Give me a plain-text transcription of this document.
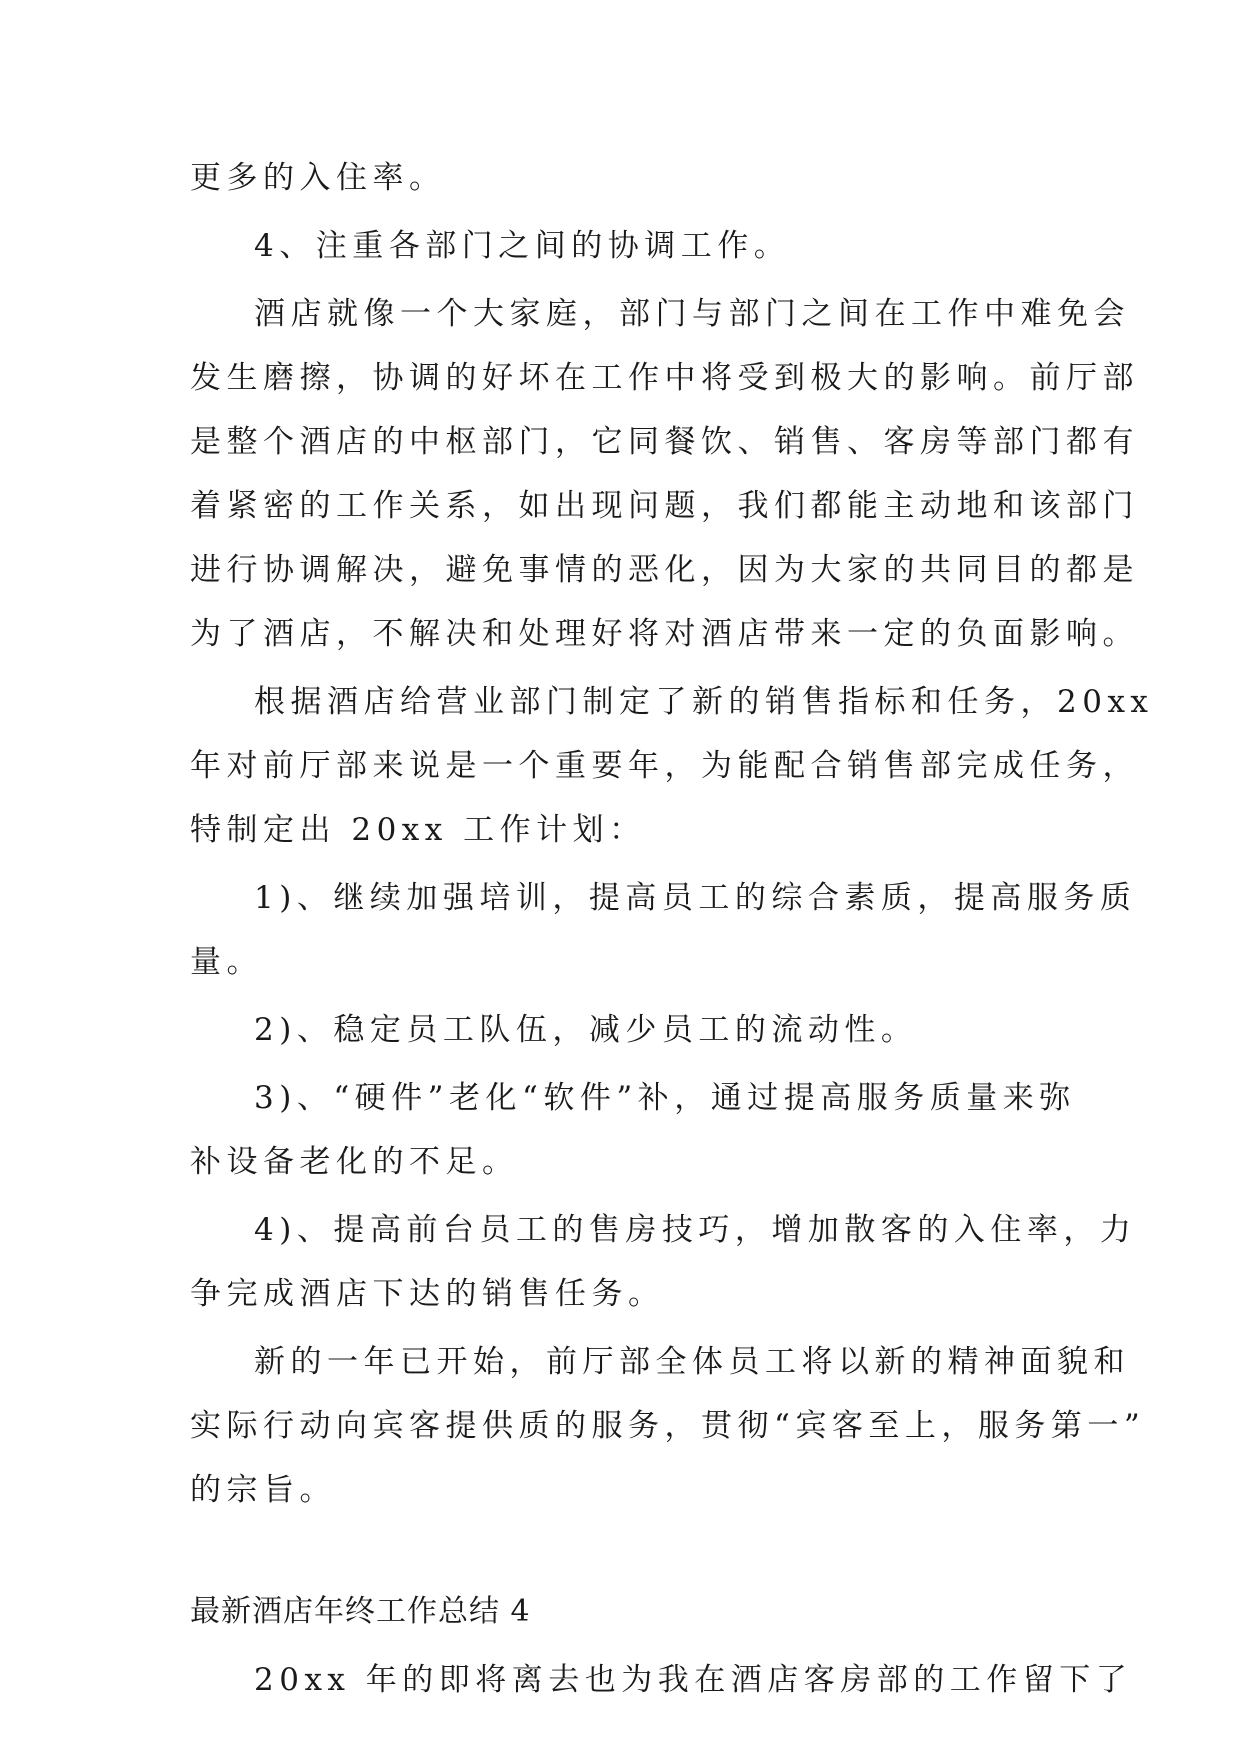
更多的入住率。

4、注重各部门之间的协调工作。

酒店就像一个大家庭，部门与部门之间在工作中难免会

发生磨擦，协调的好坏在工作中将受到极大的影响。前厅部

是整个酒店的中枢部门，它同餐饮、销售、客房等部门都有

着紧密的工作关系，如出现问题，我们都能主动地和该部门

进行协调解决，避免事情的恶化，因为大家的共同目的都是

为了酒店，不解决和处理好将对酒店带来一定的负面影响。

根据酒店给营业部门制定了新的销售指标和任务，20xx

年对前厅部来说是一个重要年，为能配合销售部完成任务，

特制定出 20xx 工作计划：

1)、继续加强培训，提高员工的综合素质，提高服务质

量。

2)、稳定员工队伍，减少员工的流动性。

3)、“硬件”老化“软件”补，通过提高服务质量来弥

补设备老化的不足。

4)、提高前台员工的售房技巧，增加散客的入住率，力

争完成酒店下达的销售任务。

新的一年已开始，前厅部全体员工将以新的精神面貌和

实际行动向宾客提供质的服务，贯彻“宾客至上，服务第一”

的宗旨。

最新酒店年终工作总结 4

20xx 年的即将离去也为我在酒店客房部的工作留下了
